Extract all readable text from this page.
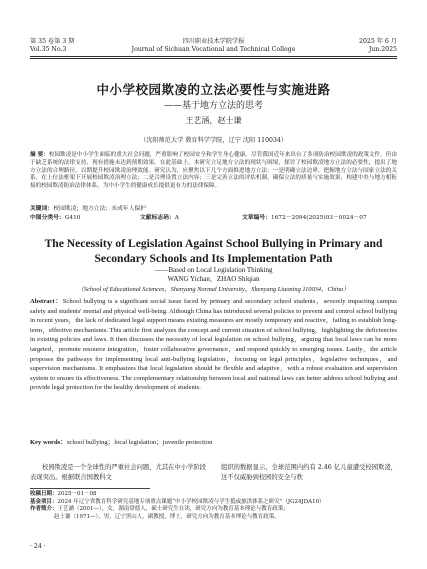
第 35 卷第 3 期
Vol.35 No.3
四川职业技术学院学报
Journal of Sichuan Vocational and Technical College
2025 年 6 月
Jun.2025
中小学校园欺凌的立法必要性与实施进路
——基于地方立法的思考
王艺涵，赵士谦
（沈阳师范大学 教育科学学院，辽宁 沈阳 110034）
摘 要：校园欺凌是中小学生面临的重大社会问题，严重影响了校园安全和学生身心健康。尽管我国近年来出台了多项防治校园欺凌的政策文件，但由于缺乏系统的法律支持，现有措施未达到预期效果。在此基础上，本研究立足地方立法的现状与困境，探讨了校园欺凌地方立法的必要性，提出了地方立法的合理路径，以期提升校园欺凌治理效能。研究认为，应聚焦以下几个方面推进地方立法：一是明确立法边界，把握地方立法与国家立法的关系，在上位法框架下开展校园欺凌治理立法；二是合理设置立法内容；三是完善立法的评估机制，确保立法的质量与实施效果，构建中央与地方相衔接的校园欺凌防治法律体系，为中小学生的健康成长提供更有力的法律保障。
关键词：校园欺凌；地方立法；未成年人保护
中图分类号：G410	文献标志码：A	文章编号：1672－2094(2025)03－0024－07
The Necessity of Legislation Against School Bullying in Primary and
Secondary Schools and Its Implementation Path
——Based on Local Legislation Thinking
WANG Yichan，ZHAO Shiqian
（School of Educational Sciences，Shenyang Normal University，Shenyang Liaoning 110034，China）
Abstract：School bullying is a significant social issue faced by primary and secondary school students，severely impacting campus safety and students' mental and physical well-being. Although China has introduced several policies to prevent and control school bullying in recent years，the lack of dedicated legal support means existing measures are mostly temporary and reactive，failing to establish long-term，effective mechanisms. This article first analyzes the concept and current situation of school bullying，highlighting the deficiencies in existing policies and laws. It then discusses the necessity of local legislation on school bullying，arguing that local laws can be more targeted，promote resource integration，foster collaborative governance，and respond quickly to emerging issues. Lastly，the article proposes the pathways for implementing local anti-bullying legislation，focusing on legal principles，legislative techniques，and supervision mechanisms. It emphasizes that local legislation should be flexible and adaptive，with a robust evaluation and supervision system to ensure its effectiveness. The complementary relationship between local and national laws can better address school bullying and provide legal protection for the healthy development of students.
Key words：school bullying；local legislation；juvenile protection
校园欺凌是一个全球性的严重社会问题，尤其在中小学阶段表现突出。根据联合国教科文
组织的数据显示，全球范围内约有 2.46 亿儿童遭受校园欺凌，这不仅威胁到校园的安全与秩
收稿日期：2025－01－08
基金项目：2024 年辽宁省教育科学研究基地专项重点课题“中小学校园欺凌与学生抵或旅洪体系之研究”（JG24JDA10）
作者简介：王艺涵（2001—），女，湖南常德人，硕士研究生在读，研究方向为教育基本理论与教育政策；
赵士谦（1971—），男，辽宁黑山人，副教授，博士，研究方向为教育基本理论与教育政策。
· 24 ·
